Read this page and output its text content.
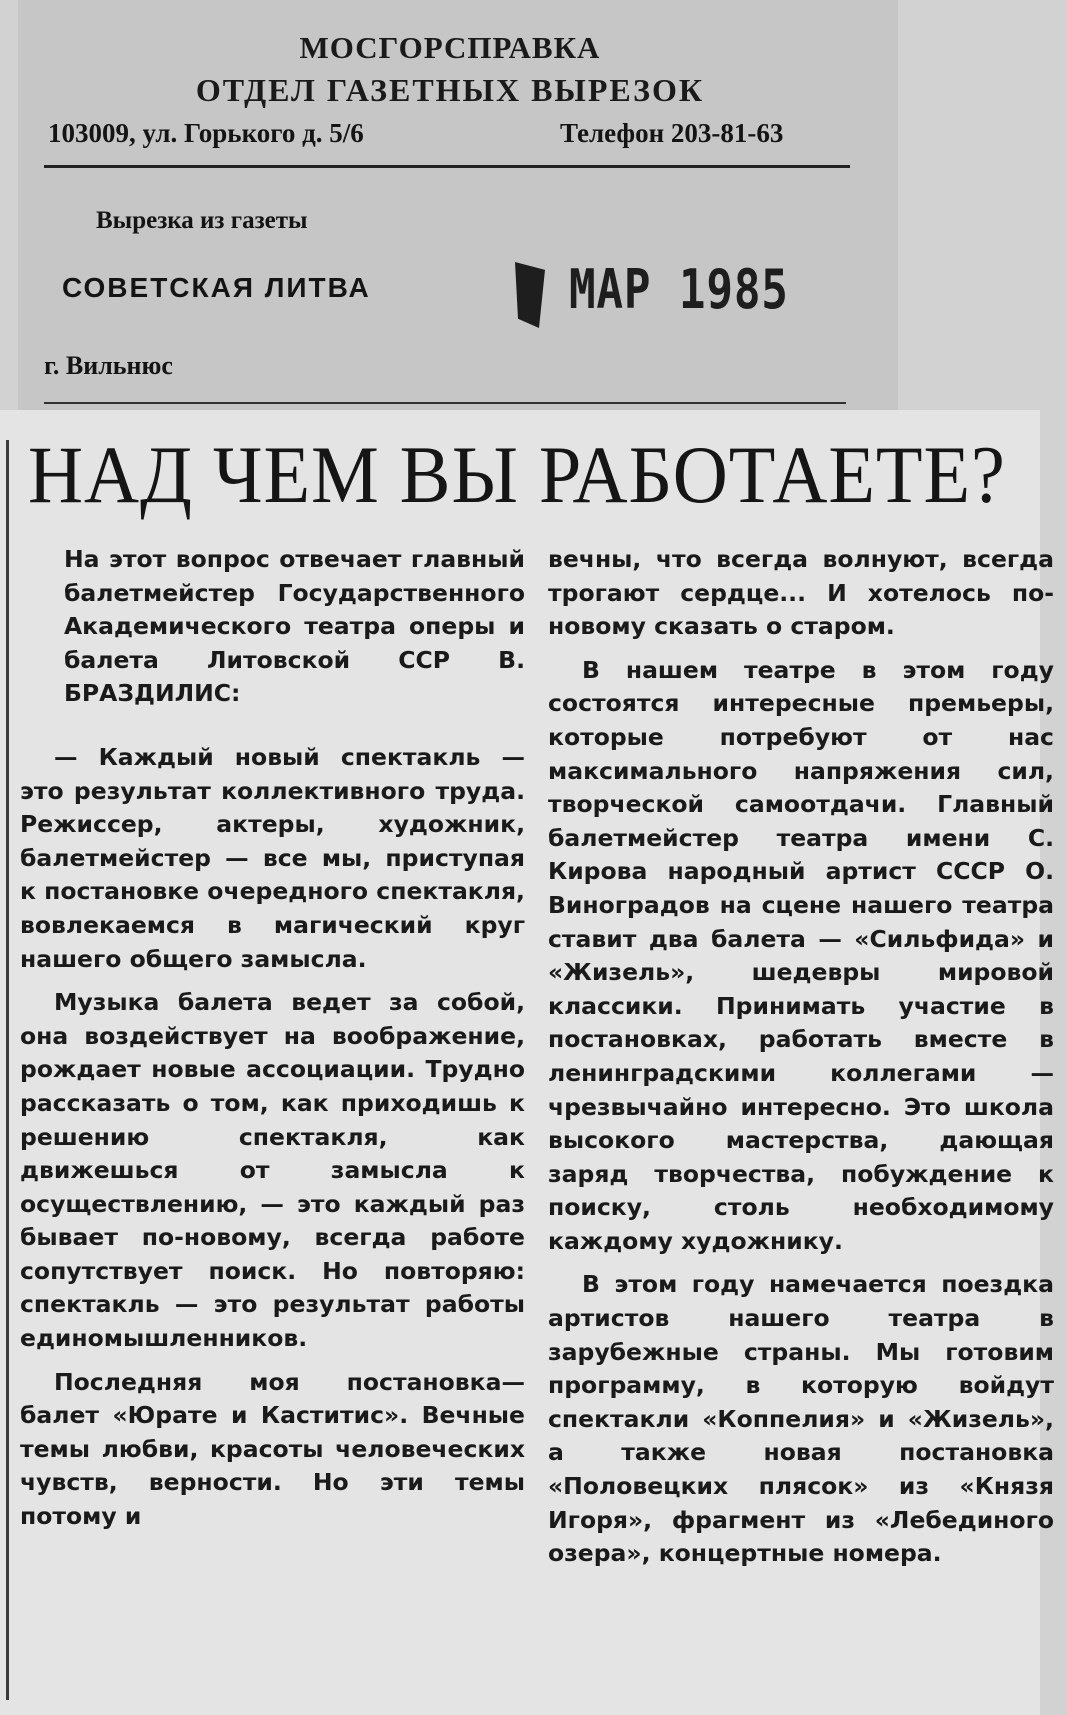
МОСГОРСПРАВКА
ОТДЕЛ ГАЗЕТНЫХ ВЫРЕЗОК
103009, ул. Горького д. 5/6	Телефон 203-81-63
Вырезка из газеты
СОВЕТСКАЯ ЛИТВА	1 МАР 1985
г. Вильнюс
НАД ЧЕМ ВЫ РАБОТАЕТЕ?

На этот вопрос отвечает главный балетмейстер Государственного Академического театра оперы и балета Литовской ССР В. БРАЗДИЛИС:

— Каждый новый спектакль — это результат коллективного труда. Режиссер, актеры, художник, балетмейстер — все мы, приступая к постановке очередного спектакля, вовлекаемся в магический круг нашего общего замысла.

Музыка балета ведет за собой, она воздействует на воображение, рождает новые ассоциации. Трудно рассказать о том, как приходишь к решению спектакля, как движешься от замысла к осуществлению, — это каждый раз бывает по-новому, всегда работе сопутствует поиск. Но повторяю: спектакль — это результат работы единомышленников.

Последняя моя постановка— балет «Юрате и Каститис». Вечные темы любви, красоты человеческих чувств, верности. Но эти темы потому и

вечны, что всегда волнуют, всегда трогают сердце... И хотелось по-новому сказать о старом.

В нашем театре в этом году состоятся интересные премьеры, которые потребуют от нас максимального напряжения сил, творческой самоотдачи. Главный балетмейстер театра имени С. Кирова народный артист СССР О. Виноградов на сцене нашего театра ставит два балета — «Сильфида» и «Жизель», шедевры мировой классики. Принимать участие в постановках, работать вместе в ленинградскими коллегами — чрезвычайно интересно. Это школа высокого мастерства, дающая заряд творчества, побуждение к поиску, столь необходимому каждому художнику.

В этом году намечается поездка артистов нашего театра в зарубежные страны. Мы готовим программу, в которую войдут спектакли «Коппелия» и «Жизель», а также новая постановка «Половецких плясок» из «Князя Игоря», фрагмент из «Лебединого озера», концертные номера.
